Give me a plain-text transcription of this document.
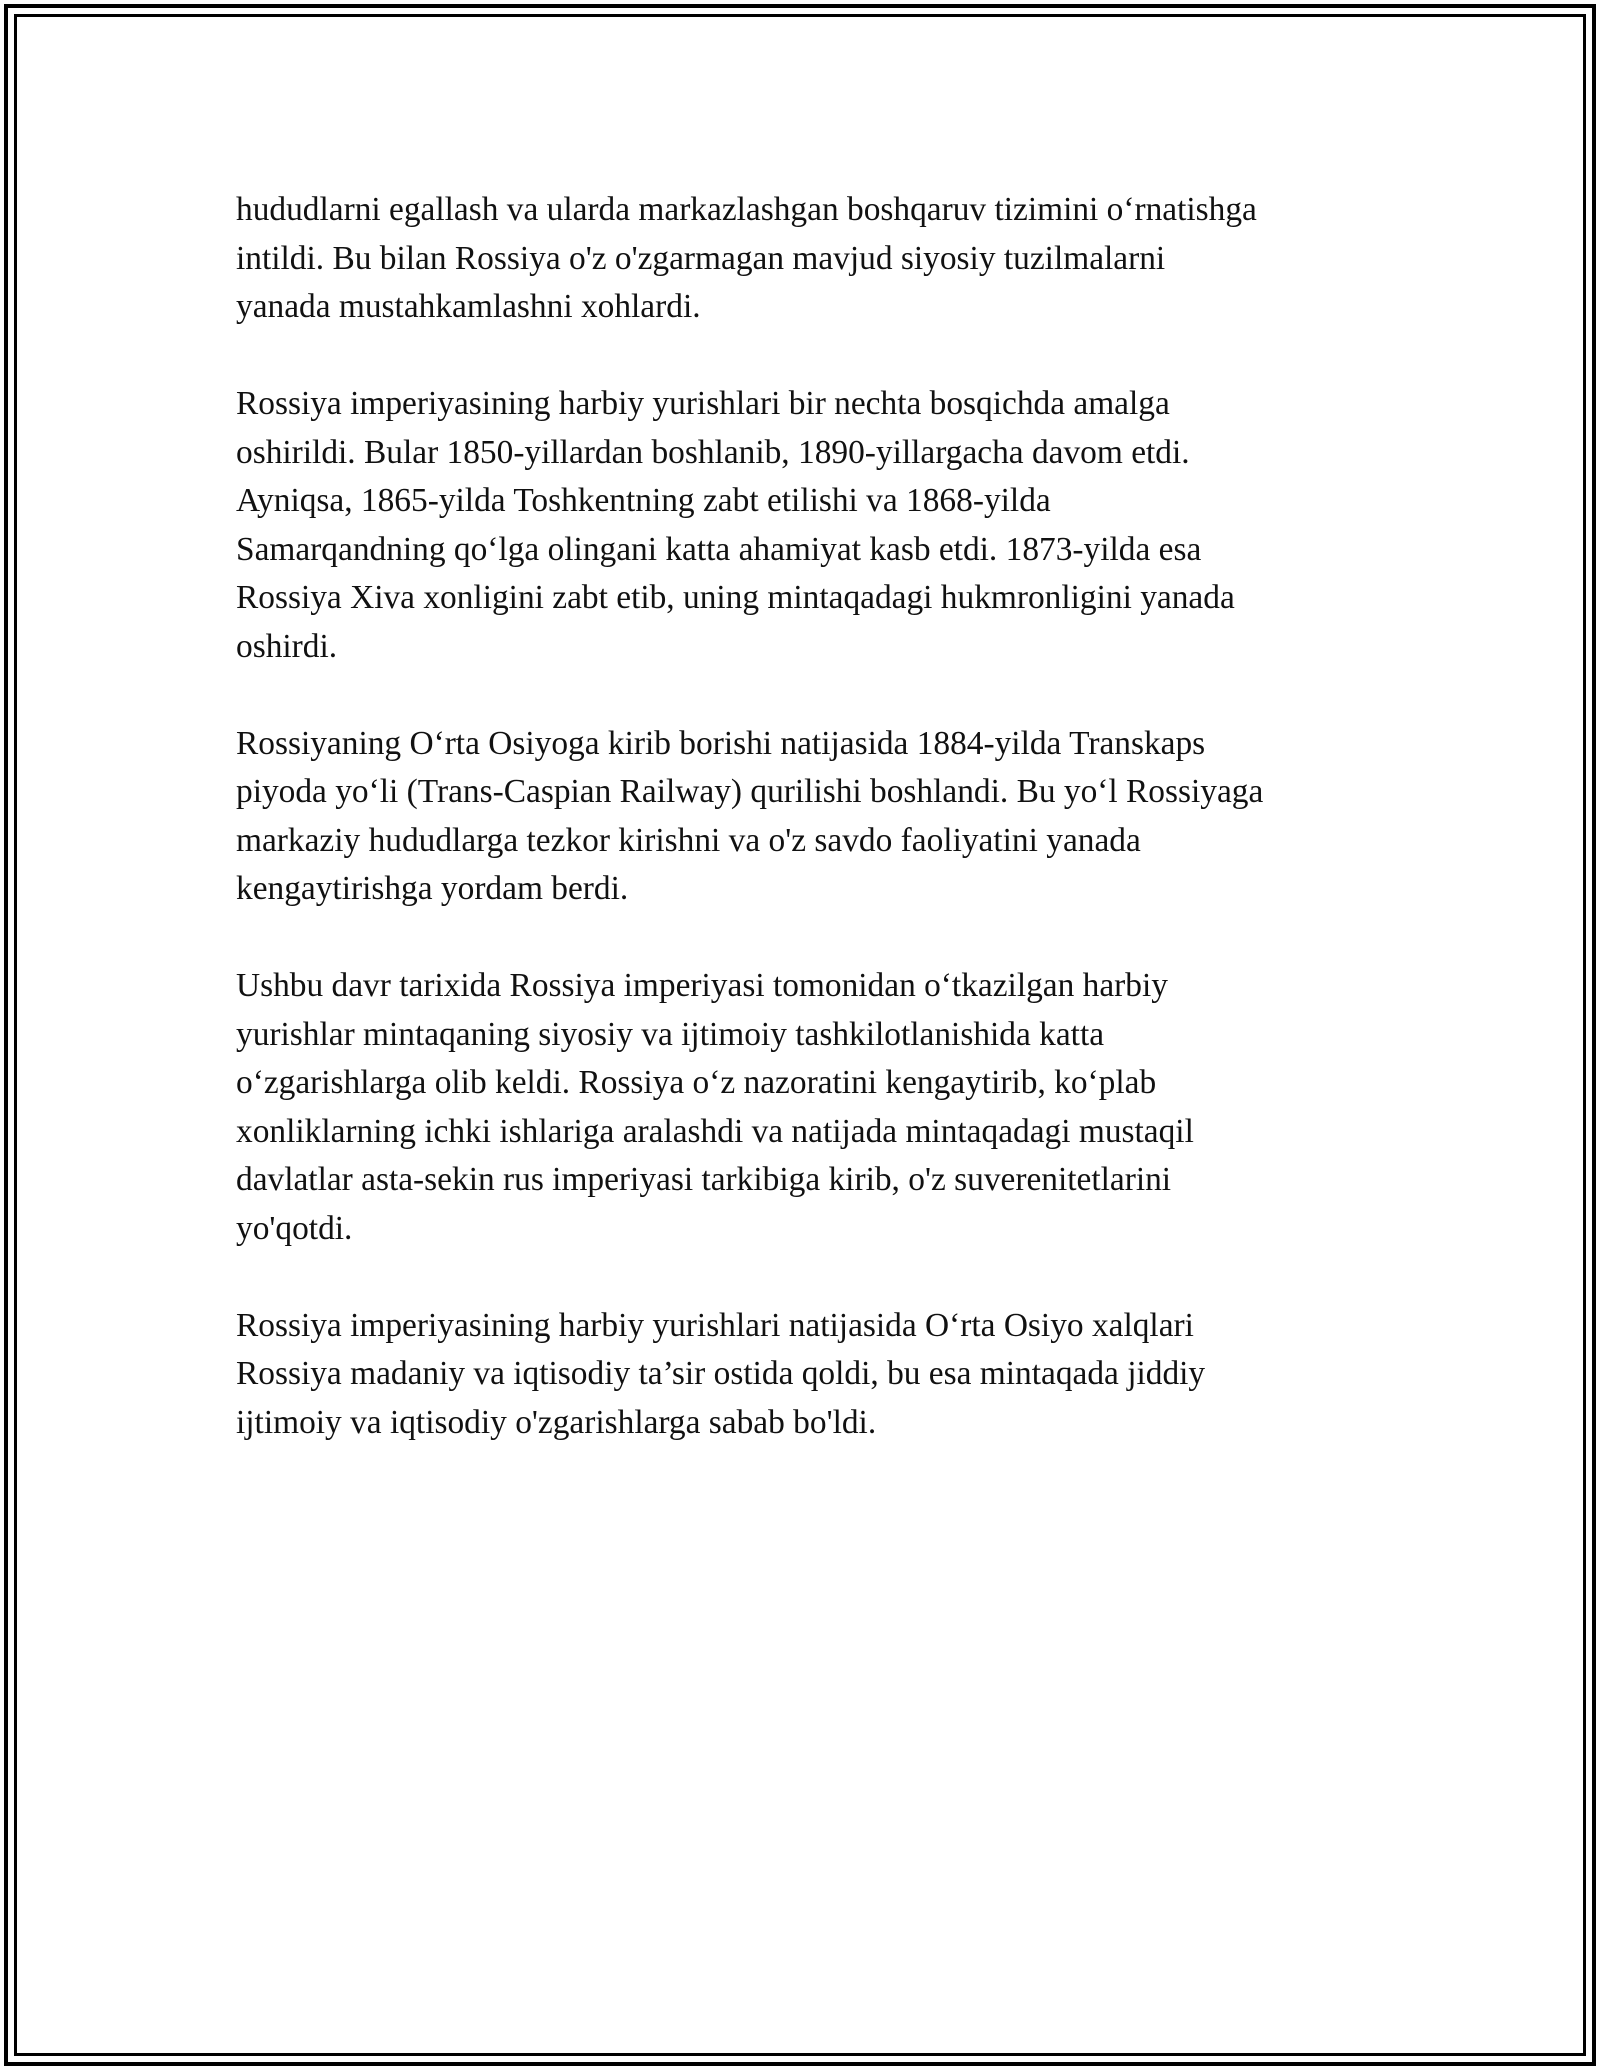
hududlarni egallash va ularda markazlashgan boshqaruv tizimini o‘rnatishga
intildi. Bu bilan Rossiya o'z o'zgarmagan mavjud siyosiy tuzilmalarni
yanada mustahkamlashni xohlardi.

Rossiya imperiyasining harbiy yurishlari bir nechta bosqichda amalga
oshirildi. Bular 1850-yillardan boshlanib, 1890-yillargacha davom etdi.
Ayniqsa, 1865-yilda Toshkentning zabt etilishi va 1868-yilda
Samarqandning qo‘lga olingani katta ahamiyat kasb etdi. 1873-yilda esa
Rossiya Xiva xonligini zabt etib, uning mintaqadagi hukmronligini yanada
oshirdi.

Rossiyaning O‘rta Osiyoga kirib borishi natijasida 1884-yilda Transkaps
piyoda yo‘li (Trans-Caspian Railway) qurilishi boshlandi. Bu yo‘l Rossiyaga
markaziy hududlarga tezkor kirishni va o'z savdo faoliyatini yanada
kengaytirishga yordam berdi.

Ushbu davr tarixida Rossiya imperiyasi tomonidan o‘tkazilgan harbiy
yurishlar mintaqaning siyosiy va ijtimoiy tashkilotlanishida katta
o‘zgarishlarga olib keldi. Rossiya o‘z nazoratini kengaytirib, ko‘plab
xonliklarning ichki ishlariga aralashdi va natijada mintaqadagi mustaqil
davlatlar asta-sekin rus imperiyasi tarkibiga kirib, o'z suverenitetlarini
yo'qotdi.

Rossiya imperiyasining harbiy yurishlari natijasida O‘rta Osiyo xalqlari
Rossiya madaniy va iqtisodiy ta’sir ostida qoldi, bu esa mintaqada jiddiy
ijtimoiy va iqtisodiy o'zgarishlarga sabab bo'ldi.
